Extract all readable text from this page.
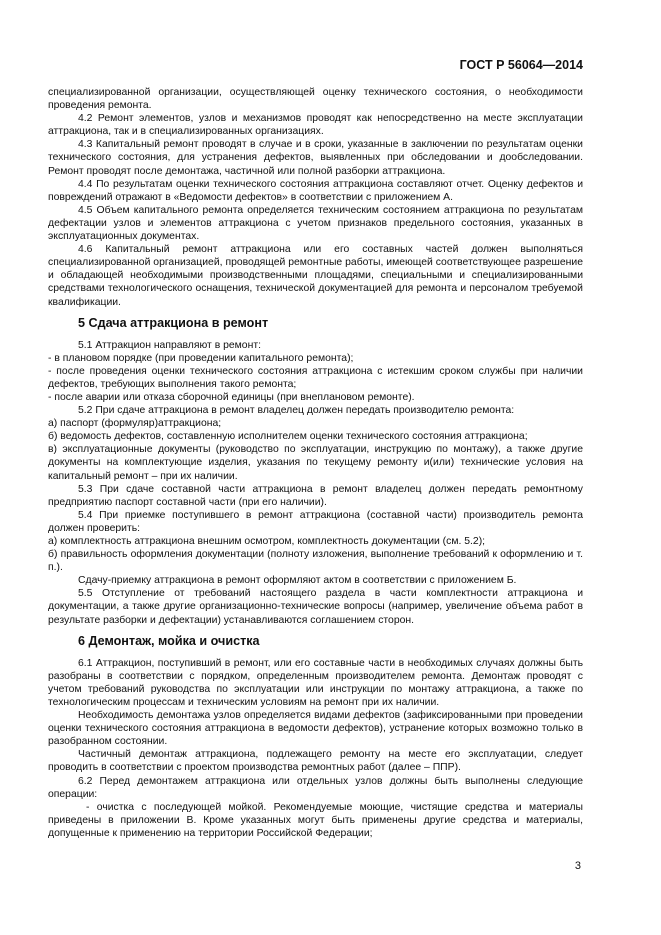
ГОСТ Р 56064—2014

специализированной организации, осуществляющей оценку технического состояния, о необходимости проведения ремонта.

4.2 Ремонт элементов, узлов и механизмов проводят как непосредственно на месте эксплуатации аттракциона, так и в специализированных организациях.

4.3 Капитальный ремонт проводят в случае и в сроки, указанные в заключении по результатам оценки технического состояния, для устранения дефектов, выявленных при обследовании и дообследовании. Ремонт проводят после демонтажа, частичной или полной разборки аттракциона.

4.4 По результатам оценки технического состояния аттракциона составляют отчет. Оценку дефектов и повреждений отражают в «Ведомости дефектов» в соответствии с приложением А.

4.5 Объем капитального ремонта определяется техническим состоянием аттракциона по результатам дефектации узлов и элементов аттракциона с учетом признаков предельного состояния, указанных в эксплуатационных документах.

4.6 Капитальный ремонт аттракциона или его составных частей должен выполняться специализированной организацией, проводящей ремонтные работы, имеющей соответствующее разрешение и обладающей необходимыми производственными площадями, специальными и специализированными средствами технологического оснащения, технической документацией для ремонта и персоналом требуемой квалификации.

5 Сдача аттракциона в ремонт

5.1 Аттракцион направляют в ремонт:

- в плановом порядке (при проведении капитального ремонта);

- после проведения оценки технического состояния аттракциона с истекшим сроком службы при наличии дефектов, требующих выполнения такого ремонта;

- после аварии или отказа сборочной единицы (при внеплановом ремонте).

5.2 При сдаче аттракциона в ремонт владелец должен передать производителю ремонта:

а) паспорт (формуляр)аттракциона;

б) ведомость дефектов, составленную исполнителем оценки технического состояния аттракциона;

в) эксплуатационные документы (руководство по эксплуатации, инструкцию по монтажу), а также другие документы на комплектующие изделия, указания по текущему ремонту и(или) технические условия на капитальный ремонт – при их наличии.

5.3 При сдаче составной части аттракциона в ремонт владелец должен передать ремонтному предприятию паспорт составной части (при его наличии).

5.4 При приемке поступившего в ремонт аттракциона (составной части) производитель ремонта должен проверить:

а) комплектность аттракциона внешним осмотром, комплектность документации (см. 5.2);

б) правильность оформления документации (полноту изложения, выполнение требований к оформлению и т. п.).

Сдачу-приемку аттракциона в ремонт оформляют актом в соответствии с приложением Б.

5.5 Отступление от требований настоящего раздела в части комплектности аттракциона и документации, а также другие организационно-технические вопросы (например, увеличение объема работ в результате разборки и дефектации) устанавливаются соглашением сторон.

6 Демонтаж, мойка и очистка

6.1 Аттракцион, поступивший в ремонт, или его составные части в необходимых случаях должны быть разобраны в соответствии с порядком, определенным производителем ремонта. Демонтаж проводят с учетом требований руководства по эксплуатации или инструкции по монтажу аттракциона, а также по технологическим процессам и техническим условиям на ремонт при их наличии.

Необходимость демонтажа узлов определяется видами дефектов (зафиксированными при проведении оценки технического состояния аттракциона в ведомости дефектов), устранение которых возможно только в разобранном состоянии.

Частичный демонтаж аттракциона, подлежащего ремонту на месте его эксплуатации, следует проводить в соответствии с проектом производства ремонтных работ (далее – ППР).

6.2 Перед демонтажем аттракциона или отдельных узлов должны быть выполнены следующие операции:

- очистка с последующей мойкой. Рекомендуемые моющие, чистящие средства и материалы приведены в приложении В. Кроме указанных могут быть применены другие средства и материалы, допущенные к применению на территории Российской Федерации;

3
